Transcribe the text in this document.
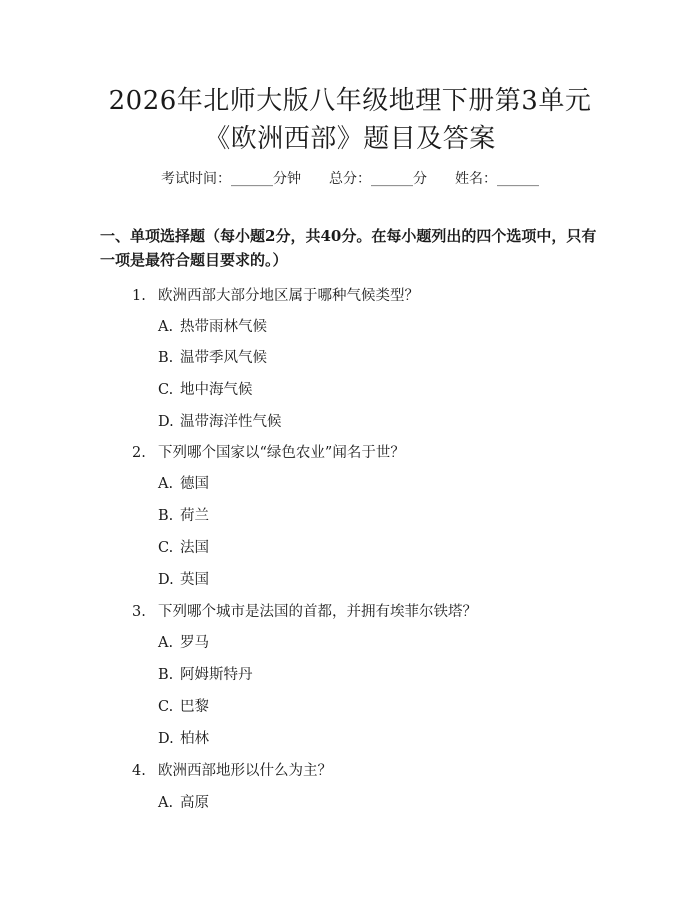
2026年北师大版八年级地理下册第3单元
《欧洲西部》题目及答案
考试时间：______分钟 总分：______分 姓名：______
一、单项选择题（每小题2分，共40分。在每小题列出的四个选项中，只有一项是最符合题目要求的。）
1. 欧洲西部大部分地区属于哪种气候类型？
A. 热带雨林气候
B. 温带季风气候
C. 地中海气候
D. 温带海洋性气候
2. 下列哪个国家以“绿色农业”闻名于世？
A. 德国
B. 荷兰
C. 法国
D. 英国
3. 下列哪个城市是法国的首都，并拥有埃菲尔铁塔？
A. 罗马
B. 阿姆斯特丹
C. 巴黎
D. 柏林
4. 欧洲西部地形以什么为主？
A. 高原
